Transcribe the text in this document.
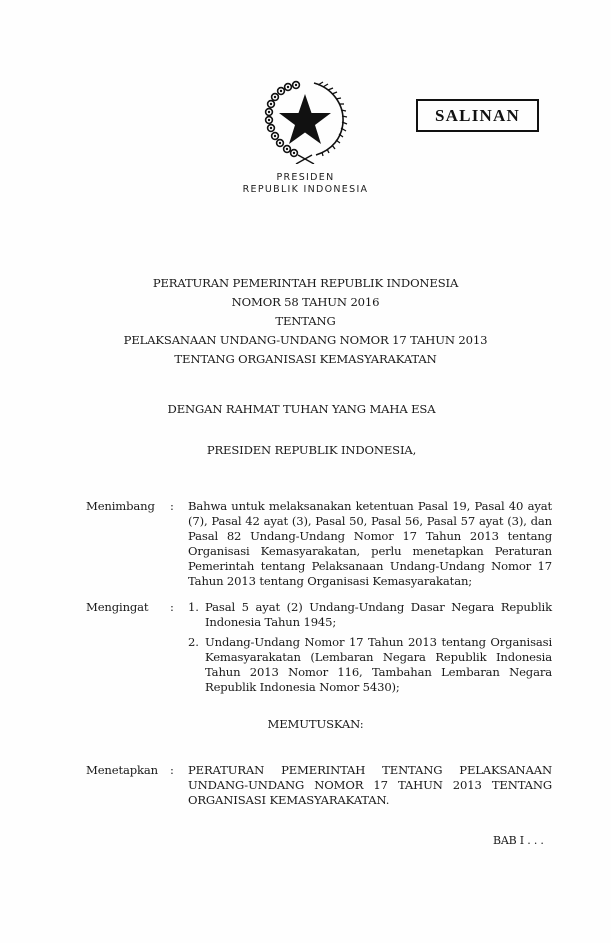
SALINAN
PRESIDEN
REPUBLIK INDONESIA
PERATURAN PEMERINTAH REPUBLIK INDONESIA
NOMOR 58 TAHUN 2016
TENTANG
PELAKSANAAN UNDANG-UNDANG NOMOR 17 TAHUN 2013
TENTANG ORGANISASI KEMASYARAKATAN
DENGAN RAHMAT TUHAN YANG MAHA ESA
PRESIDEN REPUBLIK INDONESIA,
Menimbang : Bahwa untuk melaksanakan ketentuan Pasal 19, Pasal 40 ayat (7), Pasal 42 ayat (3), Pasal 50, Pasal 56, Pasal 57 ayat (3), dan Pasal 82 Undang-Undang Nomor 17 Tahun 2013 tentang Organisasi Kemasyarakatan, perlu menetapkan Peraturan Pemerintah tentang Pelaksanaan Undang-Undang Nomor 17 Tahun 2013 tentang Organisasi Kemasyarakatan;

Mengingat : 1. Pasal 5 ayat (2) Undang-Undang Dasar Negara Republik Indonesia Tahun 1945;
2. Undang-Undang Nomor 17 Tahun 2013 tentang Organisasi Kemasyarakatan (Lembaran Negara Republik Indonesia Tahun 2013 Nomor 116, Tambahan Lembaran Negara Republik Indonesia Nomor 5430);
MEMUTUSKAN:
Menetapkan : PERATURAN PEMERINTAH TENTANG PELAKSANAAN UNDANG-UNDANG NOMOR 17 TAHUN 2013 TENTANG ORGANISASI KEMASYARAKATAN.

BAB I . . .
